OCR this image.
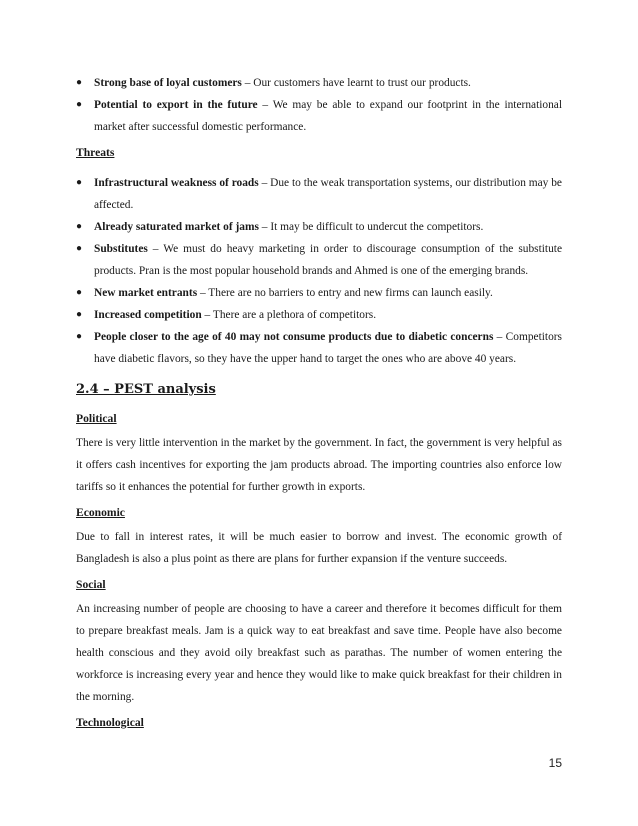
● Strong base of loyal customers – Our customers have learnt to trust our products.
● Potential to export in the future – We may be able to expand our footprint in the international market after successful domestic performance.

Threats

● Infrastructural weakness of roads – Due to the weak transportation systems, our distribution may be affected.
● Already saturated market of jams – It may be difficult to undercut the competitors.
● Substitutes – We must do heavy marketing in order to discourage consumption of the substitute products. Pran is the most popular household brands and Ahmed is one of the emerging brands.
● New market entrants – There are no barriers to entry and new firms can launch easily.
● Increased competition – There are a plethora of competitors.
● People closer to the age of 40 may not consume products due to diabetic concerns – Competitors have diabetic flavors, so they have the upper hand to target the ones who are above 40 years.

2.4 – PEST analysis

Political

There is very little intervention in the market by the government. In fact, the government is very helpful as it offers cash incentives for exporting the jam products abroad. The importing countries also enforce low tariffs so it enhances the potential for further growth in exports.

Economic

Due to fall in interest rates, it will be much easier to borrow and invest. The economic growth of Bangladesh is also a plus point as there are plans for further expansion if the venture succeeds.

Social

An increasing number of people are choosing to have a career and therefore it becomes difficult for them to prepare breakfast meals. Jam is a quick way to eat breakfast and save time. People have also become health conscious and they avoid oily breakfast such as parathas. The number of women entering the workforce is increasing every year and hence they would like to make quick breakfast for their children in the morning.

Technological

15
